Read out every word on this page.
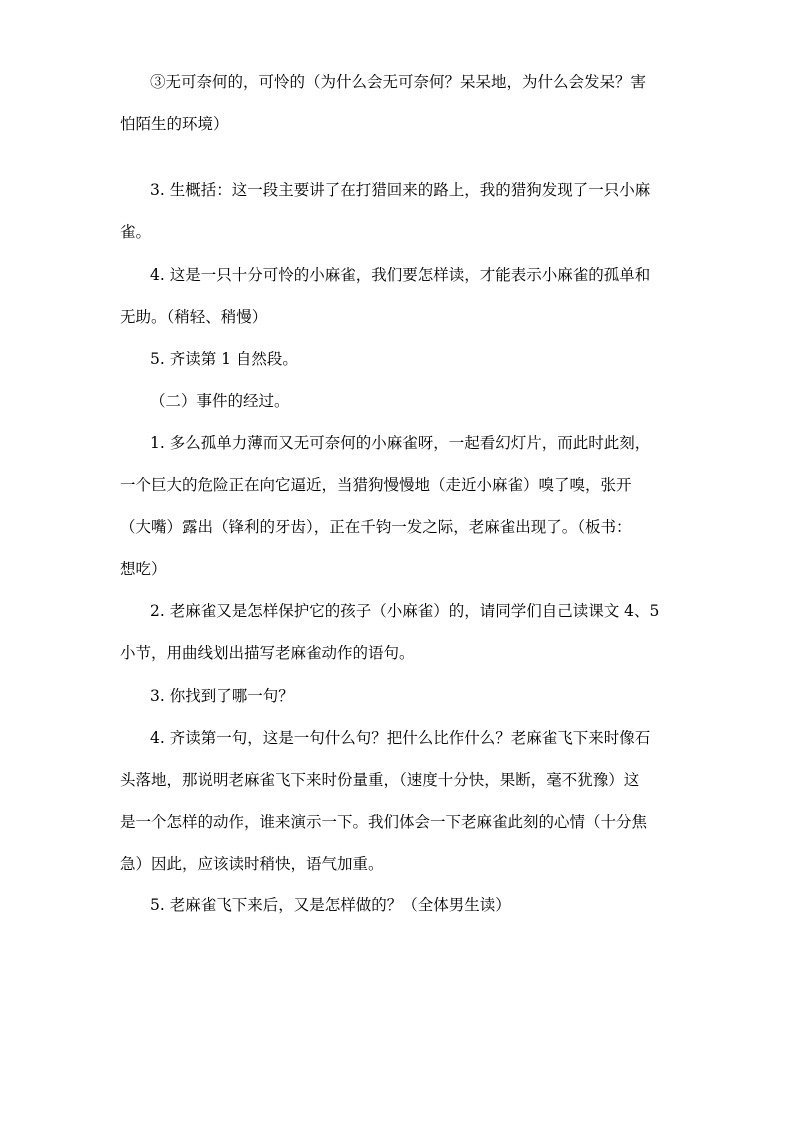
③无可奈何的，可怜的（为什么会无可奈何？呆呆地，为什么会发呆？害
怕陌生的环境）
3. 生概括：这一段主要讲了在打猎回来的路上，我的猎狗发现了一只小麻
雀。
4. 这是一只十分可怜的小麻雀，我们要怎样读，才能表示小麻雀的孤单和
无助。（稍轻、稍慢）
5. 齐读第 1 自然段。
（二）事件的经过。
1. 多么孤单力薄而又无可奈何的小麻雀呀，一起看幻灯片，而此时此刻，
一个巨大的危险正在向它逼近，当猎狗慢慢地（走近小麻雀）嗅了嗅，张开
（大嘴）露出（锋利的牙齿），正在千钧一发之际，老麻雀出现了。（板书：
想吃）
2. 老麻雀又是怎样保护它的孩子（小麻雀）的，请同学们自己读课文 4、5
小节，用曲线划出描写老麻雀动作的语句。
3. 你找到了哪一句？
4. 齐读第一句，这是一句什么句？把什么比作什么？老麻雀飞下来时像石
头落地，那说明老麻雀飞下来时份量重，（速度十分快，果断，毫不犹豫）这
是一个怎样的动作，谁来演示一下。我们体会一下老麻雀此刻的心情（十分焦
急）因此，应该读时稍快，语气加重。
5. 老麻雀飞下来后，又是怎样做的？（全体男生读）
